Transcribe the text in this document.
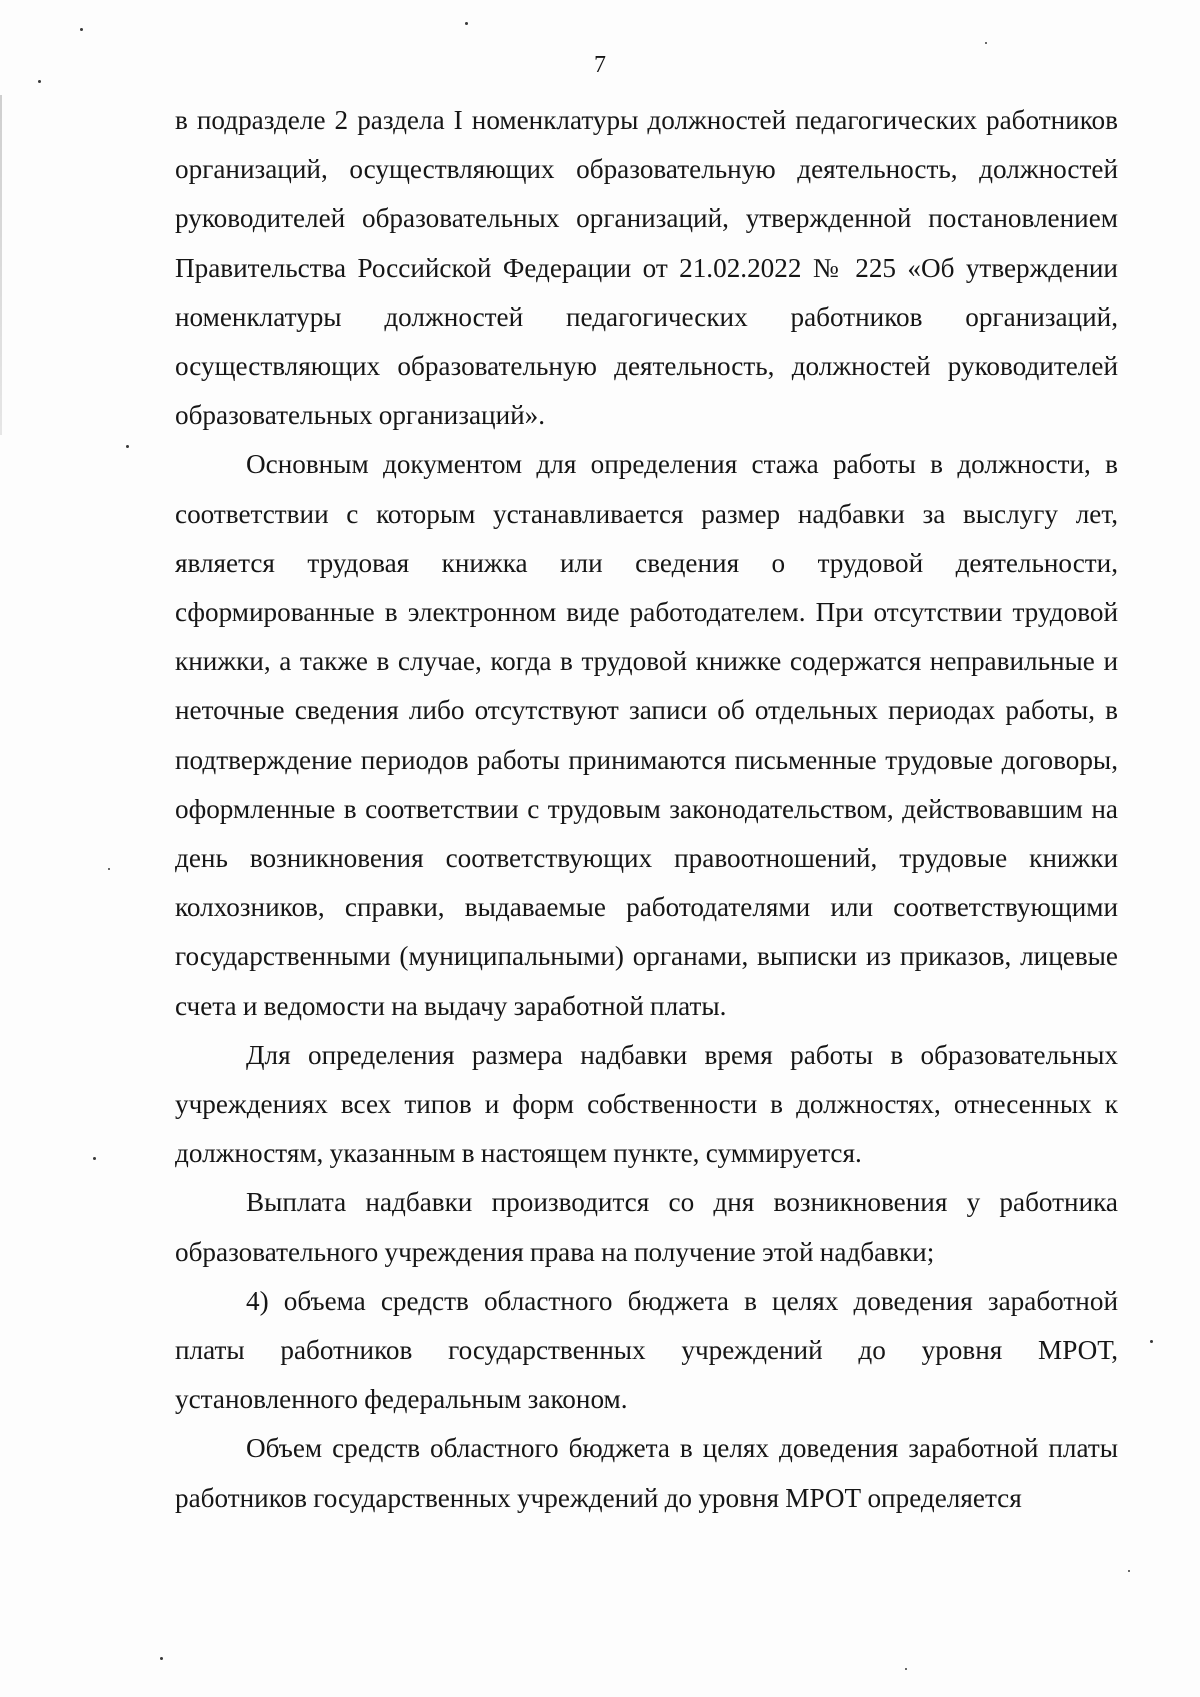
7

в подразделе 2 раздела I номенклатуры должностей педагогических работников организаций, осуществляющих образовательную деятельность, должностей руководителей образовательных организаций, утвержденной постановлением Правительства Российской Федерации от 21.02.2022 № 225 «Об утверждении номенклатуры должностей педагогических работников организаций, осуществляющих образовательную деятельность, должностей руководителей образовательных организаций».

Основным документом для определения стажа работы в должности, в соответствии с которым устанавливается размер надбавки за выслугу лет, является трудовая книжка или сведения о трудовой деятельности, сформированные в электронном виде работодателем. При отсутствии трудовой книжки, а также в случае, когда в трудовой книжке содержатся неправильные и неточные сведения либо отсутствуют записи об отдельных периодах работы, в подтверждение периодов работы принимаются письменные трудовые договоры, оформленные в соответствии с трудовым законодательством, действовавшим на день возникновения соответствующих правоотношений, трудовые книжки колхозников, справки, выдаваемые работодателями или соответствующими государственными (муниципальными) органами, выписки из приказов, лицевые счета и ведомости на выдачу заработной платы.

Для определения размера надбавки время работы в образовательных учреждениях всех типов и форм собственности в должностях, отнесенных к должностям, указанным в настоящем пункте, суммируется.

Выплата надбавки производится со дня возникновения у работника образовательного учреждения права на получение этой надбавки;

4) объема средств областного бюджета в целях доведения заработной платы работников государственных учреждений до уровня МРОТ, установленного федеральным законом.

Объем средств областного бюджета в целях доведения заработной платы работников государственных учреждений до уровня МРОТ определяется
